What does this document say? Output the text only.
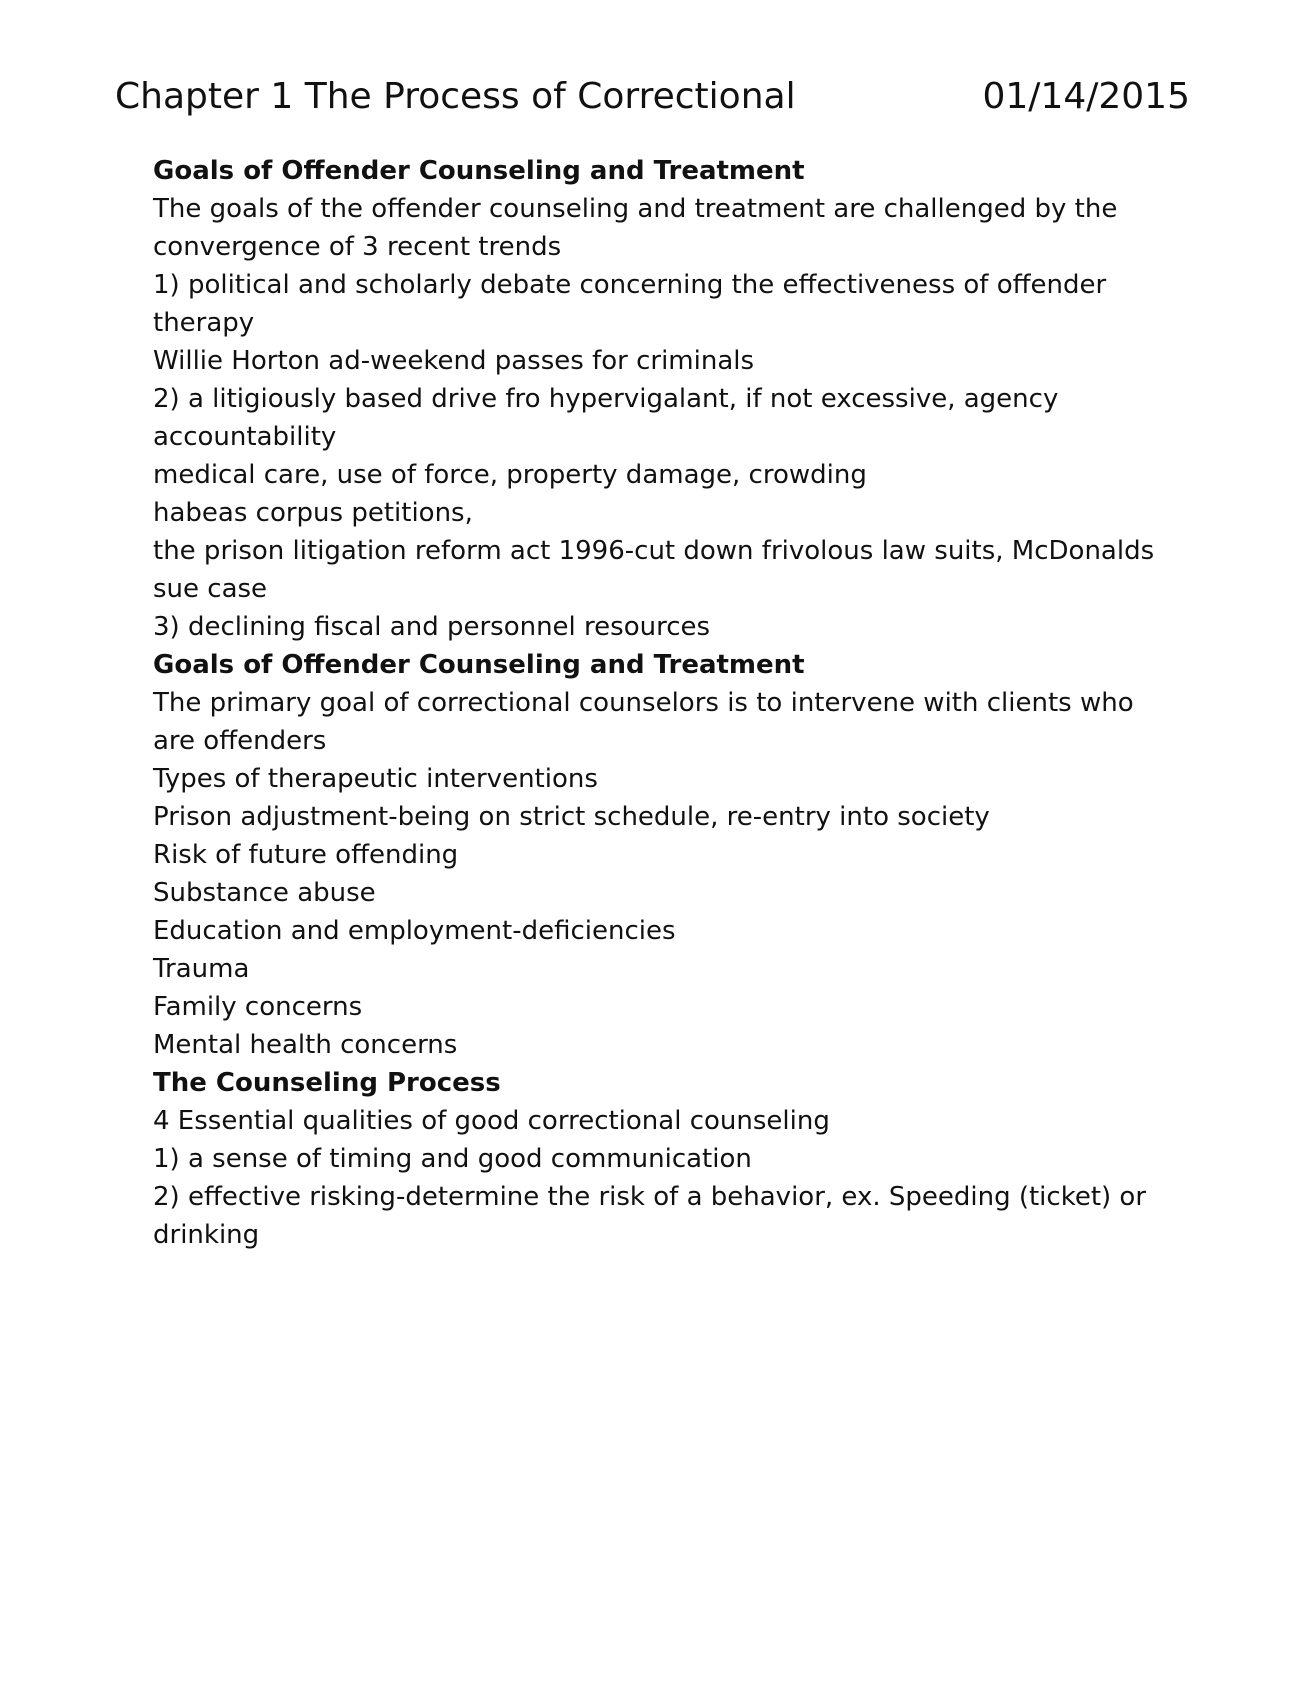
Chapter 1 The Process of Correctional	01/14/2015
Goals of Offender Counseling and Treatment
The goals of the offender counseling and treatment are challenged by the
convergence of 3 recent trends
1) political and scholarly debate concerning the effectiveness of offender
therapy
Willie Horton ad-weekend passes for criminals
2) a litigiously based drive fro hypervigalant, if not excessive, agency
accountability
medical care, use of force, property damage, crowding
habeas corpus petitions,
the prison litigation reform act 1996-cut down frivolous law suits, McDonalds
sue case
3) declining fiscal and personnel resources
Goals of Offender Counseling and Treatment
The primary goal of correctional counselors is to intervene with clients who
are offenders
Types of therapeutic interventions
Prison adjustment-being on strict schedule, re-entry into society
Risk of future offending
Substance abuse
Education and employment-deficiencies
Trauma
Family concerns
Mental health concerns
The Counseling Process
4 Essential qualities of good correctional counseling
1) a sense of timing and good communication
2) effective risking-determine the risk of a behavior, ex. Speeding (ticket) or
drinking
